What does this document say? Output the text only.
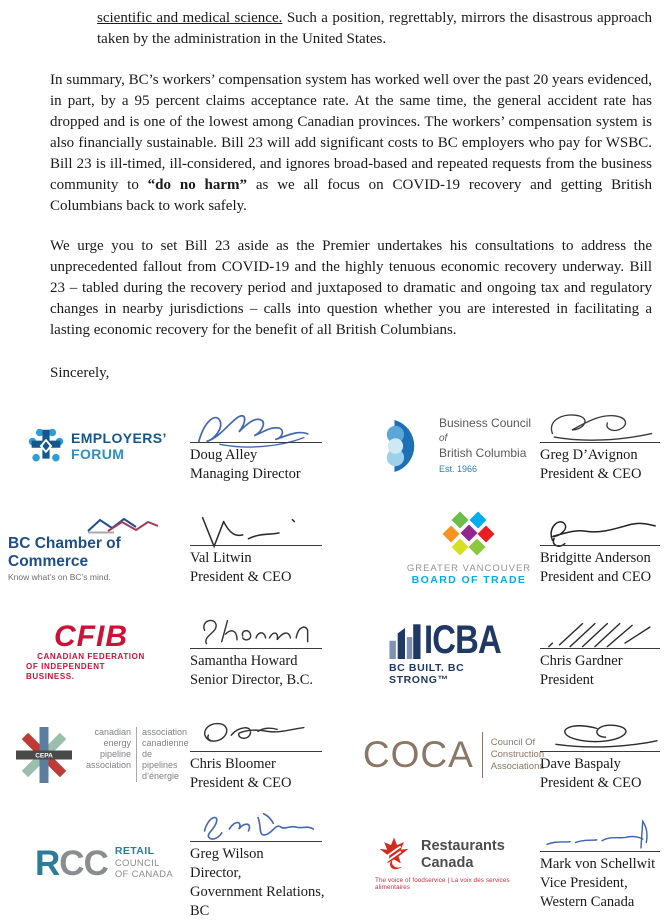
scientific and medical science. Such a position, regrettably, mirrors the disastrous approach taken by the administration in the United States.

In summary, BC’s workers’ compensation system has worked well over the past 20 years evidenced, in part, by a 95 percent claims acceptance rate. At the same time, the general accident rate has dropped and is one of the lowest among Canadian provinces. The workers’ compensation system is also financially sustainable. Bill 23 will add significant costs to BC employers who pay for WSBC. Bill 23 is ill-timed, ill-considered, and ignores broad-based and repeated requests from the business community to “do no harm” as we all focus on COVID-19 recovery and getting British Columbians back to work safely.

We urge you to set Bill 23 aside as the Premier undertakes his consultations to address the unprecedented fallout from COVID-19 and the highly tenuous economic recovery underway. Bill 23 – tabled during the recovery period and juxtaposed to dramatic and ongoing tax and regulatory changes in nearby jurisdictions – calls into question whether you are interested in facilitating a lasting economic recovery for the benefit of all British Columbians.

Sincerely,

EMPLOYERS’ FORUM	Doug Alley
Managing Director
Business Council of
British Columbia
Est. 1966
Greg D’Avignon
President & CEO
BC Chamber of Commerce
Know what’s on BC’s mind.
Val Litwin
President & CEO
GREATER VANCOUVER
BOARD OF TRADE
Bridgitte Anderson
President and CEO
CFIB
CANADIAN FEDERATION
OF INDEPENDENT BUSINESS.
Samantha Howard
Senior Director, B.C.
ICBA
BC BUILT. BC STRONG™
Chris Gardner
President
CEPA
canadian
energy
pipeline
association
association
canadienne
de pipelines
d’énergie
Chris Bloomer
President & CEO
COCA Council Of
Construction
Associations
Dave Baspaly
President & CEO
RCC RETAIL
COUNCIL
OF CANADA
Greg Wilson
Director,
Government Relations, BC
Restaurants
Canada
The voice of foodservice | La voix des services alimentaires
Mark von Schellwit
Vice President,
Western Canada
